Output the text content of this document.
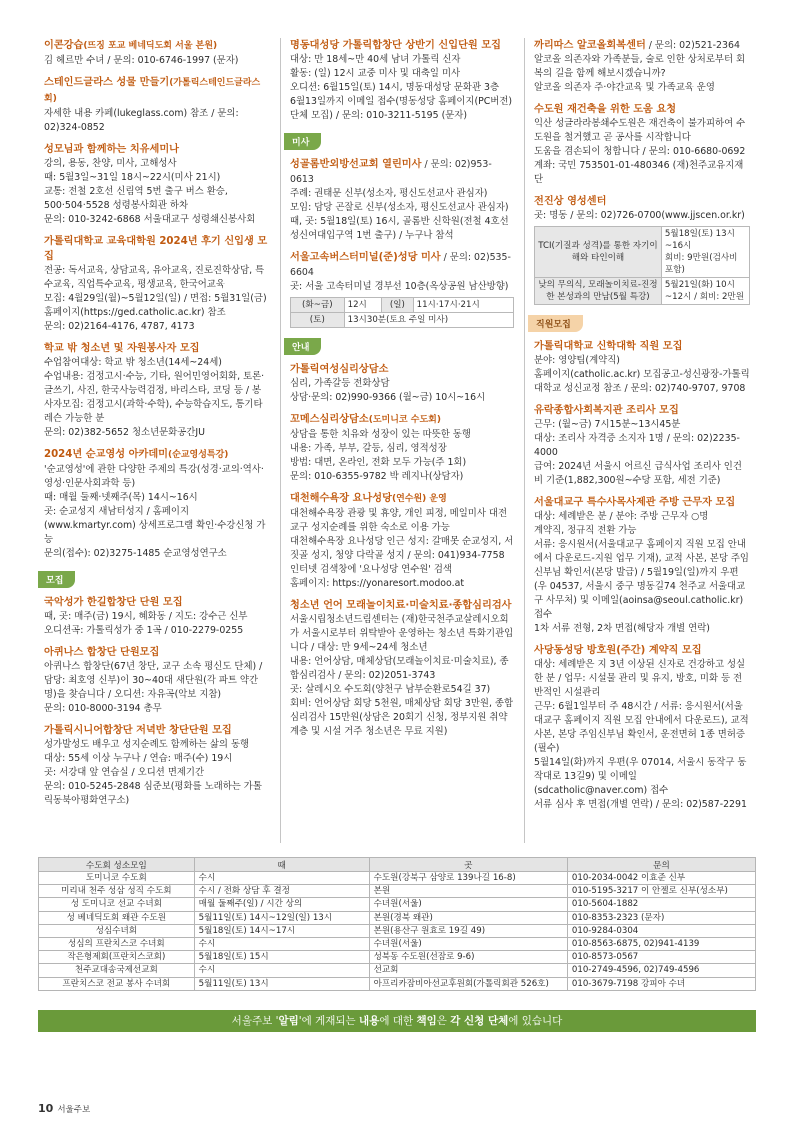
이콘강습(뜨징 포교 베네딕도회 서울 본원)

김 헤르만 수녀 / 문의: 010-6746-1997 (문자)

스테인드글라스 성물 만들기(가톨릭스테인드글라스회)

자세한 내용 카페(lukeglass.com) 참조 / 문의: 02)324-0852

성모님과 함께하는 치유세미나

강의, 용동, 찬양, 미사, 고해성사

때: 5월3일~31일 18시~22시(미사 21시)

교통: 전철 2호선 신림역 5번 출구 버스 환승, 500·504·5528 성령봉사회관 하차

문의: 010-3242-6868 서울대교구 성령쇄신봉사회

가톨릭대학교 교육대학원 2024년 후기 신입생 모집

전공: 독서교육, 상담교육, 유아교육, 진로진학상담, 특수교육, 직업특수교육, 평생교육, 한국어교육

모집: 4월29일(월)~5월12일(일) / 면접: 5월31일(금)

홈페이지(https://ged.catholic.ac.kr) 참조

문의: 02)2164-4176, 4787, 4173

학교 밖 청소년 및 자원봉사자 모집

수업참여대상: 학교 밖 청소년(14세~24세)

수업내용: 검정고시·수능, 기타, 원어민영어회화, 토론·글쓰기, 사진, 한국사능력검정, 바리스타, 코딩 등 / 봉사자모집: 검정고시(과학·수학), 수능학습지도, 통기타레슨 가능한 분

문의: 02)382-5652 청소년문화공간JU

2024년 순교영성 아카데미(순교영성특강)

'순교영성'에 관한 다양한 주제의 특강(성경·교의·역사·영성·인문사회과학 등)

때: 매월 둘째·넷째주(목) 14시~16시

곳: 순교성지 새남터성지 / 홈페이지(www.kmartyr.com) 상세프로그램 확인·수강신청 가능

문의(접수): 02)3275-1485 순교영성연구소

모집
국악성가 한길합창단 단원 모집

때, 곳: 매주(금) 19시, 혜화동 / 지도: 강수근 신부

오디션곡: 가톨릭성가 중 1곡 / 010-2279-0255

아퀴나스 합창단 단원모집

아퀴나스 합창단(67년 창단, 교구 소속 평신도 단체) / 담당: 최호영 신부)이 30~40대 새단원(각 파트 약간명)을 찾습니다 / 오디션: 자유곡(악보 지참)

문의: 010-8000-3194 총무

가톨릭시니어합창단 저녁반 창단단원 모집

성가발성도 배우고 성지순례도 함께하는 삶의 동행

대상: 55세 이상 누구나 / 연습: 매주(수) 19시

곳: 서강대 앞 연습실 / 오디션 면제기간

문의: 010-5245-2848 심준보(평화를 노래하는 가톨릭동북아평화연구소)

명동대성당 가톨릭합창단 상반기 신입단원 모집

대상: 만 18세~만 40세 남녀 가톨릭 신자

활동: (일) 12시 교중 미사 및 대축일 미사

오디션: 6월15일(토) 14시, 명동대성당 문화관 3층

6월13일까지 이메일 접수(명동성당 홈페이지(PC버전) 단체 모집) / 문의: 010-3211-5195 (문자)

미사
성골롬반외방선교회 열린미사 / 문의: 02)953-0613

주례: 권태문 신부(성소자, 평신도선교사 관심자)

모임: 담당 곤잘로 신부(성소자, 평신도선교사 관심자)

때, 곳: 5월18일(토) 16시, 골롬반 신학원(전철 4호선 성신여대입구역 1번 출구) / 누구나 참석

서울고속버스터미널(준)성당 미사 / 문의: 02)535-6604

곳: 서울 고속터미널 경부선 10층(옥상공원 남산방향)

(화~금)	12시	(일)	11시·17시·21시
(토)	13시30분(토요 주일 미사)		
안내
가톨릭여성심리상담소

심리, 가족갈등 전화상담

상담·문의: 02)990-9366 (월~금) 10시~16시

꼬메스심리상담소(도미니코 수도회)

상담을 통한 치유와 성장이 있는 따뜻한 동행

내용: 가족, 부부, 갈등, 심리, 영적성장

방법: 대면, 온라인, 전화 모두 가능(주 1회)

문의: 010-6355-9782 박 레지나(상담자)

대천해수욕장 요나성당(연수원) 운영

대천해수욕장 관광 및 휴양, 개인 피정, 메일미사 대전교구 성지순례를 위한 숙소로 이용 가능

대천해수욕장 요나성당 인근 성지: 갈매못 순교성지, 서짓골 성지, 청양 다락골 성지 / 문의: 041)934-7758

인터넷 검색창에 '요나성당 연수원' 검색

홈페이지: https://yonaresort.modoo.at

청소년 언어 모래놀이치료·미술치료·종합심리검사

서울시립청소년드림센터는 (재)한국천주교살레시오회가 서울시로부터 위탁받아 운영하는 청소년 특화기관입니다 / 대상: 만 9세~24세 청소년

내용: 언어상담, 매체상담(모래놀이치료·미술치료), 종합심리검사 / 문의: 02)2051-3743

곳: 살레시오 수도회(양천구 남부순환로54길 37)

회비: 언어상담 회당 5천원, 매체상담 회당 3만원, 종합심리검사 15만원(상담은 20회기 신청, 정부지원 취약계층 및 시설 거주 청소년은 무료 지원)

까리따스 알코올회복센터 / 문의: 02)521-2364

알코올 의존자와 가족분들, 술로 인한 상처로부터 회복의 길을 함께 해보시겠습니까?

알코올 의존자 주·야간교육 및 가족교육 운영

수도원 재건축을 위한 도움 요청

익산 성글라라봉쇄수도원은 재건축이 불가피하여 수도원을 철거했고 곧 공사를 시작합니다

도움을 겸손되이 청합니다 / 문의: 010-6680-0692

계좌: 국민 753501-01-480346 (재)천주교유지재단

전진상 영성센터

곳: 명동 / 문의: 02)726-0700(www.jjscen.or.kr)

TCI(기질과 성격)를 통한 자기이해와 타인이해	5월18일(토) 13시~16시
회비: 9만원(검사비 포함)

낮의 무의식, 모래놀이치료-진정한 본성과의 만남(5월 특강)	5월21일(화) 10시~12시 / 회비: 2만원
직원모집
가톨릭대학교 신학대학 직원 모집

분야: 영양팀(계약직)

홈페이지(catholic.ac.kr) 모집공고-성신광장-가톨릭대학교 성신교정 참조 / 문의: 02)740-9707, 9708

유락종합사회복지관 조리사 모집

근무: (월~금) 7시15분~13시45분

대상: 조리사 자격증 소지자 1명 / 문의: 02)2235-4000

급여: 2024년 서울시 어르신 급식사업 조리사 인건비 기준(1,882,300원~수당 포함, 세전 기준)

서울대교구 특수사목사제관 주방 근무자 모집

대상: 세례받은 분 / 분야: 주방 근무자 ○명

계약직, 정규직 전환 가능

서류: 응시원서(서울대교구 홈페이지 직원 모집 안내에서 다운로드-지원 업무 기재), 교적 사본, 본당 주임신부님 확인서(본당 발급) / 5월19일(일)까지 우편(우 04537, 서울시 중구 명동길74 천주교 서울대교구 사무처) 및 이메일(aoinsa@seoul.catholic.kr) 접수

1차 서류 전형, 2차 면접(해당자 개별 연락)

사당동성당 방호원(주간) 계약직 모집

대상: 세례받은 지 3년 이상된 신자로 건강하고 성실한 분 / 업무: 시설물 관리 및 유지, 방호, 미화 등 전반적인 시설관리

근무: 6월1일부터 주 48시간 / 서류: 응시원서(서울대교구 홈페이지 직원 모집 안내에서 다운로드), 교적 사본, 본당 주임신부님 확인서, 운전면허 1종 면허증(필수)

5월14일(화)까지 우편(우 07014, 서울시 동작구 동작대로 13길9) 및 이메일(sdcatholic@naver.com) 접수

서류 심사 후 면접(개별 연락) / 문의: 02)587-2291

수도회 성소모임	때	곳	문의
도미니코 수도회	수시	수도원(강북구 삼양로 139나길 16-8)	010-2034-0042 이효준 신부
미리내 천주 성삼 성직 수도회	수시 / 전화 상담 후 결정	본원	010-5195-3217 이 안젤로 신부(성소부)
성 도미니코 선교 수녀회	매월 둘째주(일) / 시간 상의	수녀원(서울)	010-5604-1882
성 베네딕도회 왜관 수도원	5월11일(토) 14시~12일(일) 13시	본원(경북 왜관)	010-8353-2323 (문자)
성심수녀회	5월18일(토) 14시~17시	본원(용산구 원효로 19길 49)	010-9284-0304
성심의 프란치스코 수녀회	수시	수녀원(서울)	010-8563-6875, 02)941-4139
작은형제회(프란치스코회)	5월18일(토) 15시	성북동 수도원(선잠로 9-6)	010-8573-0567
천주교대송국제선교회	수시	선교회	010-2749-4596, 02)749-4596
프란치스코 전교 봉사 수녀회	5월11일(토) 13시	아프리카잠비아선교후원회(가톨릭회관 526호)	010-3679-7198 강피아 수녀
서울주보 '알림'에 게재되는 내용에 대한 책임은 각 신청 단체에 있습니다
10 서울주보
